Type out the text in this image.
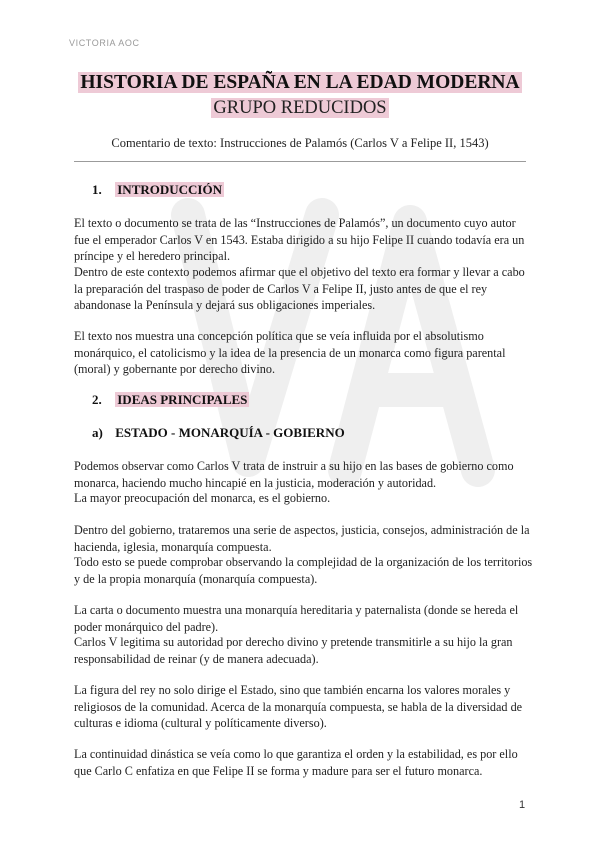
VICTORIA AOC
HISTORIA DE ESPAÑA EN LA EDAD MODERNA
GRUPO REDUCIDOS
Comentario de texto: Instrucciones de Palamós (Carlos V a Felipe II, 1543)
1. INTRODUCCIÓN

El texto o documento se trata de las “Instrucciones de Palamós”, un documento cuyo autor fue el emperador Carlos V en 1543. Estaba dirigido a su hijo Felipe II cuando todavía era un príncipe y el heredero principal.

Dentro de este contexto podemos afirmar que el objetivo del texto era formar y llevar a cabo la preparación del traspaso de poder de Carlos V a Felipe II, justo antes de que el rey abandonase la Península y dejará sus obligaciones imperiales.

El texto nos muestra una concepción política que se veía influida por el absolutismo monárquico, el catolicismo y la idea de la presencia de un monarca como figura parental (moral) y gobernante por derecho divino.

2. IDEAS PRINCIPALES
a) ESTADO - MONARQUÍA - GOBIERNO

Podemos observar como Carlos V trata de instruir a su hijo en las bases de gobierno como monarca, haciendo mucho hincapié en la justicia, moderación y autoridad.

La mayor preocupación del monarca, es el gobierno.

Dentro del gobierno, trataremos una serie de aspectos, justicia, consejos, administración de la hacienda, iglesia, monarquía compuesta.

Todo esto se puede comprobar observando la complejidad de la organización de los territorios y de la propia monarquía (monarquía compuesta).

La carta o documento muestra una monarquía hereditaria y paternalista (donde se hereda el poder monárquico del padre).

Carlos V legitima su autoridad por derecho divino y pretende transmitirle a su hijo la gran responsabilidad de reinar (y de manera adecuada).

La figura del rey no solo dirige el Estado, sino que también encarna los valores morales y religiosos de la comunidad. Acerca de la monarquía compuesta, se habla de la diversidad de culturas e idioma (cultural y políticamente diverso).

La continuidad dinástica se veía como lo que garantiza el orden y la estabilidad, es por ello que Carlo C enfatiza en que Felipe II se forma y madure para ser el futuro monarca.

1
